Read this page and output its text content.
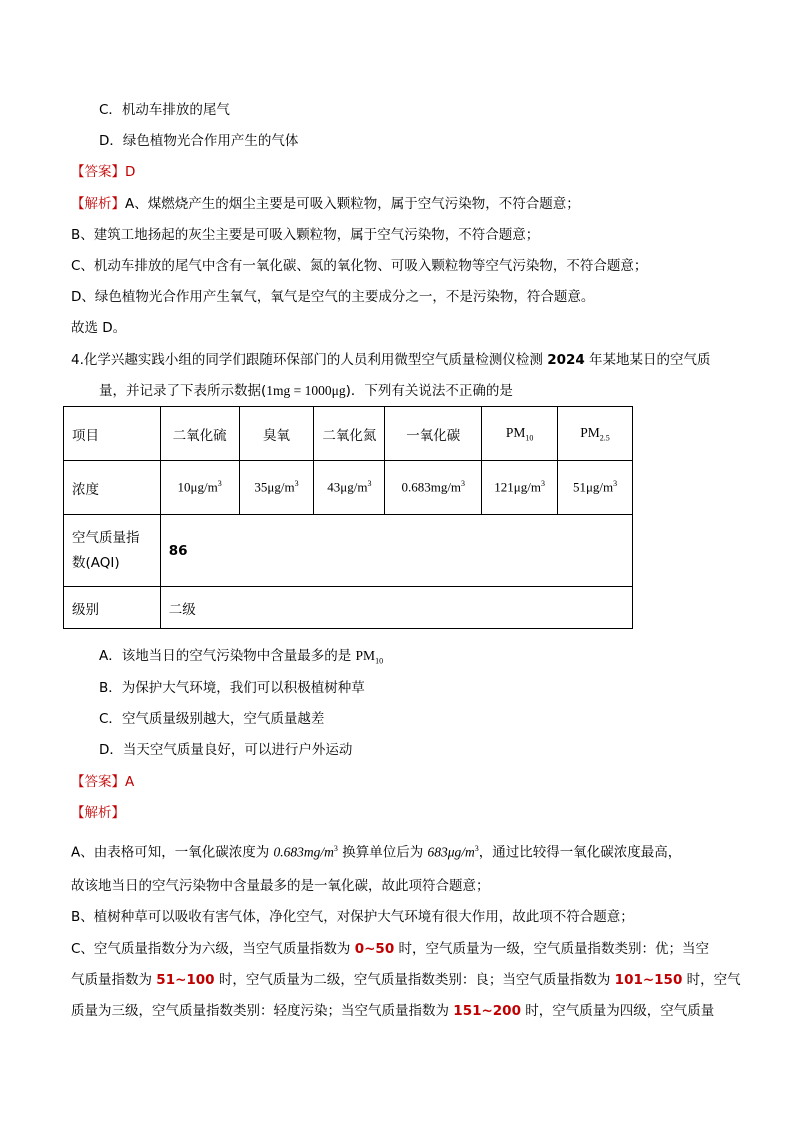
C．机动车排放的尾气
D．绿色植物光合作用产生的气体
【答案】D
【解析】A、煤燃烧产生的烟尘主要是可吸入颗粒物，属于空气污染物，不符合题意；
B、建筑工地扬起的灰尘主要是可吸入颗粒物，属于空气污染物，不符合题意；
C、机动车排放的尾气中含有一氧化碳、氮的氧化物、可吸入颗粒物等空气污染物，不符合题意；
D、绿色植物光合作用产生氧气，氧气是空气的主要成分之一，不是污染物，符合题意。
故选 D。
4.化学兴趣实践小组的同学们跟随环保部门的人员利用微型空气质量检测仪检测 2024 年某地某日的空气质
量，并记录了下表所示数据(1mg = 1000μg)．下列有关说法不正确的是
项目	二氧化硫	臭氧	二氧化氮	一氧化碳	$PM_{10}$	$PM_{2.5}$
浓度	$10\mu g/m^3$	$35\mu g/m^3$	$43\mu g/m^3$	$0.683mg/m^3$	$121\mu g/m^3$	$51\mu g/m^3$
空气质量指
数(AQI)	86					
级别	二级					
A．该地当日的空气污染物中含量最多的是 $PM_{10}$
B．为保护大气环境，我们可以积极植树种草
C．空气质量级别越大，空气质量越差
D．当天空气质量良好，可以进行户外运动
【答案】A
【解析】
A、由表格可知，一氧化碳浓度为 $0.683mg/m^3$ 换算单位后为 $683\mu g/m^3$，通过比较得一氧化碳浓度最高，
故该地当日的空气污染物中含量最多的是一氧化碳，故此项符合题意；
B、植树种草可以吸收有害气体，净化空气，对保护大气环境有很大作用，故此项不符合题意；
C、空气质量指数分为六级，当空气质量指数为 0~50 时，空气质量为一级，空气质量指数类别：优；当空
气质量指数为 51~100 时，空气质量为二级，空气质量指数类别：良；当空气质量指数为 101~150 时，空气
质量为三级，空气质量指数类别：轻度污染；当空气质量指数为 151~200 时，空气质量为四级，空气质量
